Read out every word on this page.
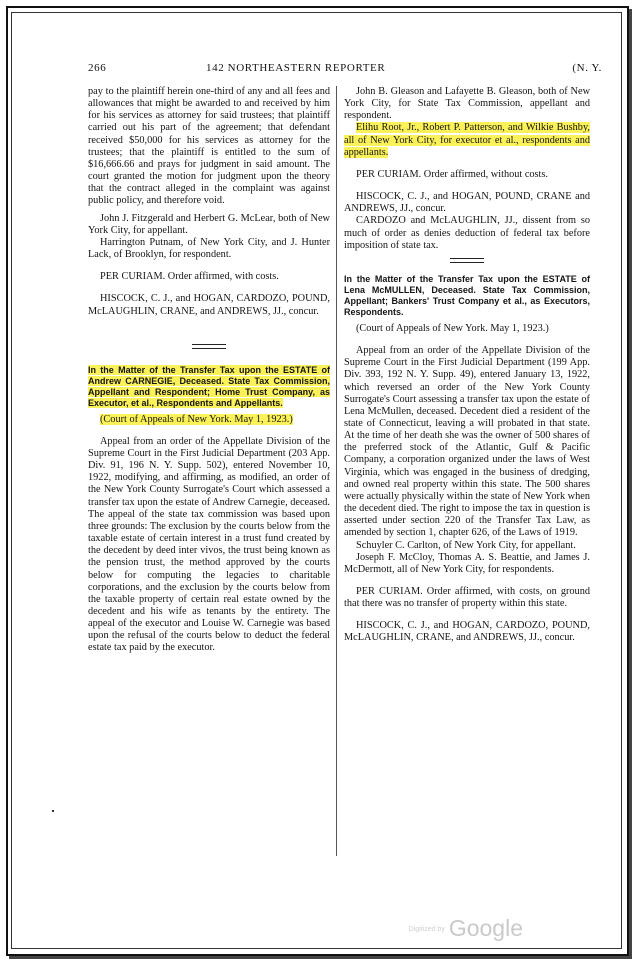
266	142 NORTHEASTERN REPORTER	(N. Y.

pay to the plaintiff herein one-third of any and all fees and allowances that might be awarded to and received by him for his services as attorney for said trustees; that plaintiff carried out his part of the agreement; that defendant received $50,000 for his services as attorney for the trustees; that the plaintiff is entitled to the sum of $16,666.66 and prays for judgment in said amount. The court granted the motion for judgment upon the theory that the contract alleged in the complaint was against public policy, and therefore void.

John J. Fitzgerald and Herbert G. McLear, both of New York City, for appellant.

Harrington Putnam, of New York City, and J. Hunter Lack, of Brooklyn, for respondent.

PER CURIAM. Order affirmed, with costs.

HISCOCK, C. J., and HOGAN, CARDOZO, POUND, McLAUGHLIN, CRANE, and ANDREWS, JJ., concur.

In the Matter of the Transfer Tax upon the ESTATE of Andrew CARNEGIE, Deceased. State Tax Commission, Appellant and Respondent; Home Trust Company, as Executor, et al., Respondents and Appellants.

(Court of Appeals of New York. May 1, 1923.)

Appeal from an order of the Appellate Division of the Supreme Court in the First Judicial Department (203 App. Div. 91, 196 N. Y. Supp. 502), entered November 10, 1922, modifying, and affirming, as modified, an order of the New York County Surrogate's Court which assessed a transfer tax upon the estate of Andrew Carnegie, deceased. The appeal of the state tax commission was based upon three grounds: The exclusion by the courts below from the taxable estate of certain interest in a trust fund created by the decedent by deed inter vivos, the trust being known as the pension trust, the method approved by the courts below for computing the legacies to charitable corporations, and the exclusion by the courts below from the taxable property of certain real estate owned by the decedent and his wife as tenants by the entirety. The appeal of the executor and Louise W. Carnegie was based upon the refusal of the courts below to deduct the federal estate tax paid by the executor.

John B. Gleason and Lafayette B. Gleason, both of New York City, for State Tax Commission, appellant and respondent.

Elihu Root, Jr., Robert P. Patterson, and Wilkie Bushby, all of New York City, for executor et al., respondents and appellants.

PER CURIAM. Order affirmed, without costs.

HISCOCK, C. J., and HOGAN, POUND, CRANE and ANDREWS, JJ., concur.

CARDOZO and McLAUGHLIN, JJ., dissent from so much of order as denies deduction of federal tax before imposition of state tax.

In the Matter of the Transfer Tax upon the ESTATE of Lena McMULLEN, Deceased. State Tax Commission, Appellant; Bankers' Trust Company et al., as Executors, Respondents.

(Court of Appeals of New York. May 1, 1923.)

Appeal from an order of the Appellate Division of the Supreme Court in the First Judicial Department (199 App. Div. 393, 192 N. Y. Supp. 49), entered January 13, 1922, which reversed an order of the New York County Surrogate's Court assessing a transfer tax upon the estate of Lena McMullen, deceased. Decedent died a resident of the state of Connecticut, leaving a will probated in that state. At the time of her death she was the owner of 500 shares of the preferred stock of the Atlantic, Gulf & Pacific Company, a corporation organized under the laws of West Virginia, which was engaged in the business of dredging, and owned real property within this state. The 500 shares were actually physically within the state of New York when the decedent died. The right to impose the tax in question is asserted under section 220 of the Transfer Tax Law, as amended by section 1, chapter 626, of the Laws of 1919.

Schuyler C. Carlton, of New York City, for appellant.

Joseph F. McCloy, Thomas A. S. Beattie, and James J. McDermott, all of New York City, for respondents.

PER CURIAM. Order affirmed, with costs, on ground that there was no transfer of property within this state.

HISCOCK, C. J., and HOGAN, CARDOZO, POUND, McLAUGHLIN, CRANE, and ANDREWS, JJ., concur.

Digitized by Google
